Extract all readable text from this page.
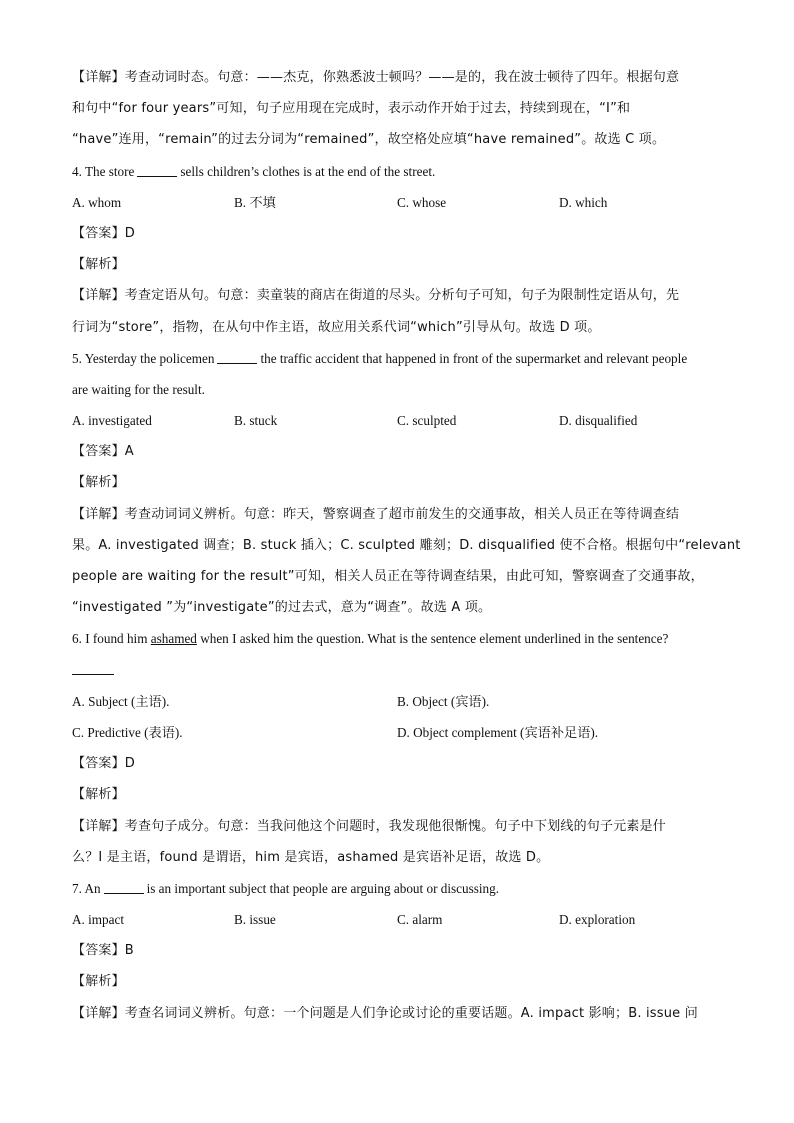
【详解】考查动词时态。句意：——杰克，你熟悉波士顿吗？——是的，我在波士顿待了四年。根据句意
和句中“for four years”可知，句子应用现在完成时，表示动作开始于过去，持续到现在，“I”和
“have”连用，“remain”的过去分词为“remained”，故空格处应填“have remained”。故选 C 项。
4. The store	sells children’s clothes is at the end of the street.
A. whom	B. 不填	C. whose	D. which
【答案】D
【解析】
【详解】考查定语从句。句意：卖童装的商店在街道的尽头。分析句子可知，句子为限制性定语从句，先
行词为“store”，指物，在从句中作主语，故应用关系代词“which”引导从句。故选 D 项。
5. Yesterday the policemen	the traffic accident that happened in front of the supermarket and relevant people
are waiting for the result.
A. investigated	B. stuck	C. sculpted	D. disqualified
【答案】A
【解析】
【详解】考查动词词义辨析。句意：昨天，警察调查了超市前发生的交通事故，相关人员正在等待调查结
果。A. investigated 调查；B. stuck 插入；C. sculpted 雕刻；D. disqualified 使不合格。根据句中“relevant
people are waiting for the result”可知，相关人员正在等待调查结果，由此可知，警察调查了交通事故，
“investigated ”为“investigate”的过去式，意为“调查”。故选 A 项。
6. I found him ashamed when I asked him the question. What is the sentence element underlined in the sentence?
A. Subject (主语).	B. Object (宾语).
C. Predictive (表语).	D. Object complement (宾语补足语).
【答案】D
【解析】
【详解】考查句子成分。句意：当我问他这个问题时，我发现他很惭愧。句子中下划线的句子元素是什
么？I 是主语，found 是谓语，him 是宾语，ashamed 是宾语补足语，故选 D。
7. An	is an important subject that people are arguing about or discussing.
A. impact	B. issue	C. alarm	D. exploration
【答案】B
【解析】
【详解】考查名词词义辨析。句意：一个问题是人们争论或讨论的重要话题。A. impact 影响；B. issue 问
